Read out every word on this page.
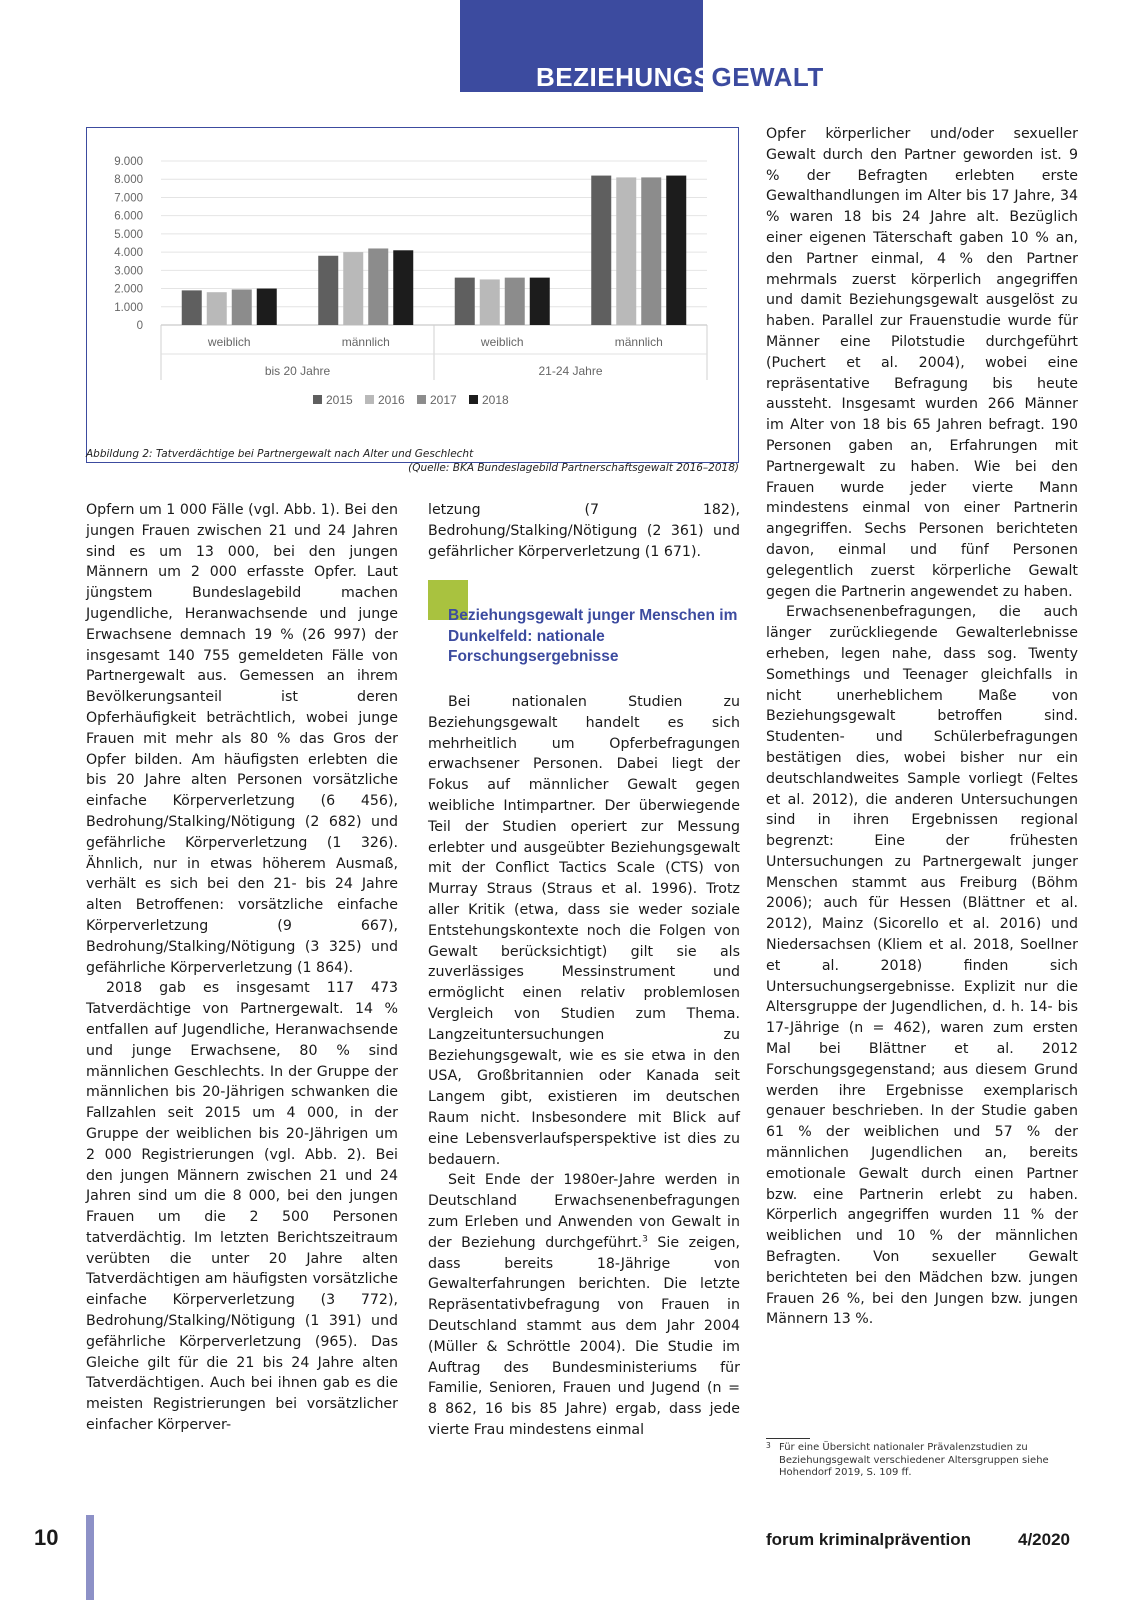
BEZIEHUNGSGEWALT
0
1.000
2.000
3.000
4.000
5.000
6.000
7.000
8.000
9.000
weiblich	männlich	weiblich	männlich
bis 20 Jahre	21-24 Jahre
2015 2016 2017 2018
Abbildung 2: Tatverdächtige bei Partnergewalt nach Alter und Geschlecht
(Quelle: BKA Bundeslagebild Partnerschaftsgewalt 2016–2018)

Opfern um 1 000 Fälle (vgl. Abb. 1). Bei den jungen Frauen zwischen 21 und 24 Jahren sind es um 13 000, bei den jungen Männern um 2 000 erfasste Opfer. Laut jüngstem Bundeslagebild machen Jugendliche, Heranwachsende und junge Erwachsene demnach 19 % (26 997) der insgesamt 140 755 gemeldeten Fälle von Partnergewalt aus. Gemessen an ihrem Bevölkerungsanteil ist deren Opferhäufigkeit beträchtlich, wobei junge Frauen mit mehr als 80 % das Gros der Opfer bilden. Am häufigsten erlebten die bis 20 Jahre alten Personen vorsätzliche einfache Körperverletzung (6 456), Bedrohung/Stalking/Nötigung (2 682) und gefährliche Körperverletzung (1 326). Ähnlich, nur in etwas höherem Ausmaß, verhält es sich bei den 21- bis 24 Jahre alten Betroffenen: vorsätzliche einfache Körperverletzung (9 667), Bedrohung/Stalking/Nötigung (3 325) und gefährliche Körperverletzung (1 864).

2018 gab es insgesamt 117 473 Tatverdächtige von Partnergewalt. 14 % entfallen auf Jugendliche, Heranwachsende und junge Erwachsene, 80 % sind männlichen Geschlechts. In der Gruppe der männlichen bis 20-Jährigen schwanken die Fallzahlen seit 2015 um 4 000, in der Gruppe der weiblichen bis 20-Jährigen um 2 000 Registrierungen (vgl. Abb. 2). Bei den jungen Männern zwischen 21 und 24 Jahren sind um die 8 000, bei den jungen Frauen um die 2 500 Personen tatverdächtig. Im letzten Berichtszeitraum verübten die unter 20 Jahre alten Tatverdächtigen am häufigsten vorsätzliche einfache Körperverletzung (3 772), Bedrohung/Stalking/Nötigung (1 391) und gefährliche Körperverletzung (965). Das Gleiche gilt für die 21 bis 24 Jahre alten Tatverdächtigen. Auch bei ihnen gab es die meisten Registrierungen bei vorsätzlicher einfacher Körperver-

letzung (7 182), Bedrohung/Stalking/Nötigung (2 361) und gefährlicher Körperverletzung (1 671).

Beziehungsgewalt junger Menschen im Dunkelfeld: nationale Forschungsergebnisse

Bei nationalen Studien zu Beziehungsgewalt handelt es sich mehrheitlich um Opferbefragungen erwachsener Personen. Dabei liegt der Fokus auf männlicher Gewalt gegen weibliche Intimpartner. Der überwiegende Teil der Studien operiert zur Messung erlebter und ausgeübter Beziehungsgewalt mit der Conflict Tactics Scale (CTS) von Murray Straus (Straus et al. 1996). Trotz aller Kritik (etwa, dass sie weder soziale Entstehungskontexte noch die Folgen von Gewalt berücksichtigt) gilt sie als zuverlässiges Messinstrument und ermöglicht einen relativ problemlosen Vergleich von Studien zum Thema. Langzeituntersuchungen zu Beziehungsgewalt, wie es sie etwa in den USA, Großbritannien oder Kanada seit Langem gibt, existieren im deutschen Raum nicht. Insbesondere mit Blick auf eine Lebensverlaufsperspektive ist dies zu bedauern.

Seit Ende der 1980er-Jahre werden in Deutschland Erwachsenenbefragungen zum Erleben und Anwenden von Gewalt in der Beziehung durchgeführt.$^3$ Sie zeigen, dass bereits 18-Jährige von Gewalterfahrungen berichten. Die letzte Repräsentativbefragung von Frauen in Deutschland stammt aus dem Jahr 2004 (Müller & Schröttle 2004). Die Studie im Auftrag des Bundesministeriums für Familie, Senioren, Frauen und Jugend (n = 8 862, 16 bis 85 Jahre) ergab, dass jede vierte Frau mindestens einmal

Opfer körperlicher und/oder sexueller Gewalt durch den Partner geworden ist. 9 % der Befragten erlebten erste Gewalthandlungen im Alter bis 17 Jahre, 34 % waren 18 bis 24 Jahre alt. Bezüglich einer eigenen Täterschaft gaben 10 % an, den Partner einmal, 4 % den Partner mehrmals zuerst körperlich angegriffen und damit Beziehungsgewalt ausgelöst zu haben. Parallel zur Frauenstudie wurde für Männer eine Pilotstudie durchgeführt (Puchert et al. 2004), wobei eine repräsentative Befragung bis heute aussteht. Insgesamt wurden 266 Männer im Alter von 18 bis 65 Jahren befragt. 190 Personen gaben an, Erfahrungen mit Partnergewalt zu haben. Wie bei den Frauen wurde jeder vierte Mann mindestens einmal von einer Partnerin angegriffen. Sechs Personen berichteten davon, einmal und fünf Personen gelegentlich zuerst körperliche Gewalt gegen die Partnerin angewendet zu haben.

Erwachsenenbefragungen, die auch länger zurückliegende Gewalterlebnisse erheben, legen nahe, dass sog. Twenty Somethings und Teenager gleichfalls in nicht unerheblichem Maße von Beziehungsgewalt betroffen sind. Studenten- und Schülerbefragungen bestätigen dies, wobei bisher nur ein deutschlandweites Sample vorliegt (Feltes et al. 2012), die anderen Untersuchungen sind in ihren Ergebnissen regional begrenzt: Eine der frühesten Untersuchungen zu Partnergewalt junger Menschen stammt aus Freiburg (Böhm 2006); auch für Hessen (Blättner et al. 2012), Mainz (Sicorello et al. 2016) und Niedersachsen (Kliem et al. 2018, Soellner et al. 2018) finden sich Untersuchungsergebnisse. Explizit nur die Altersgruppe der Jugendlichen, d. h. 14- bis 17-Jährige (n = 462), waren zum ersten Mal bei Blättner et al. 2012 Forschungsgegenstand; aus diesem Grund werden ihre Ergebnisse exemplarisch genauer beschrieben. In der Studie gaben 61 % der weiblichen und 57 % der männlichen Jugendlichen an, bereits emotionale Gewalt durch einen Partner bzw. eine Partnerin erlebt zu haben. Körperlich angegriffen wurden 11 % der weiblichen und 10 % der männlichen Befragten. Von sexueller Gewalt berichteten bei den Mädchen bzw. jungen Frauen 26 %, bei den Jungen bzw. jungen Männern 13 %.

3 Für eine Übersicht nationaler Prävalenzstudien zu Beziehungsgewalt verschiedener Altersgruppen siehe Hohendorf 2019, S. 109 ff.
10	forum kriminalprävention	4/2020
